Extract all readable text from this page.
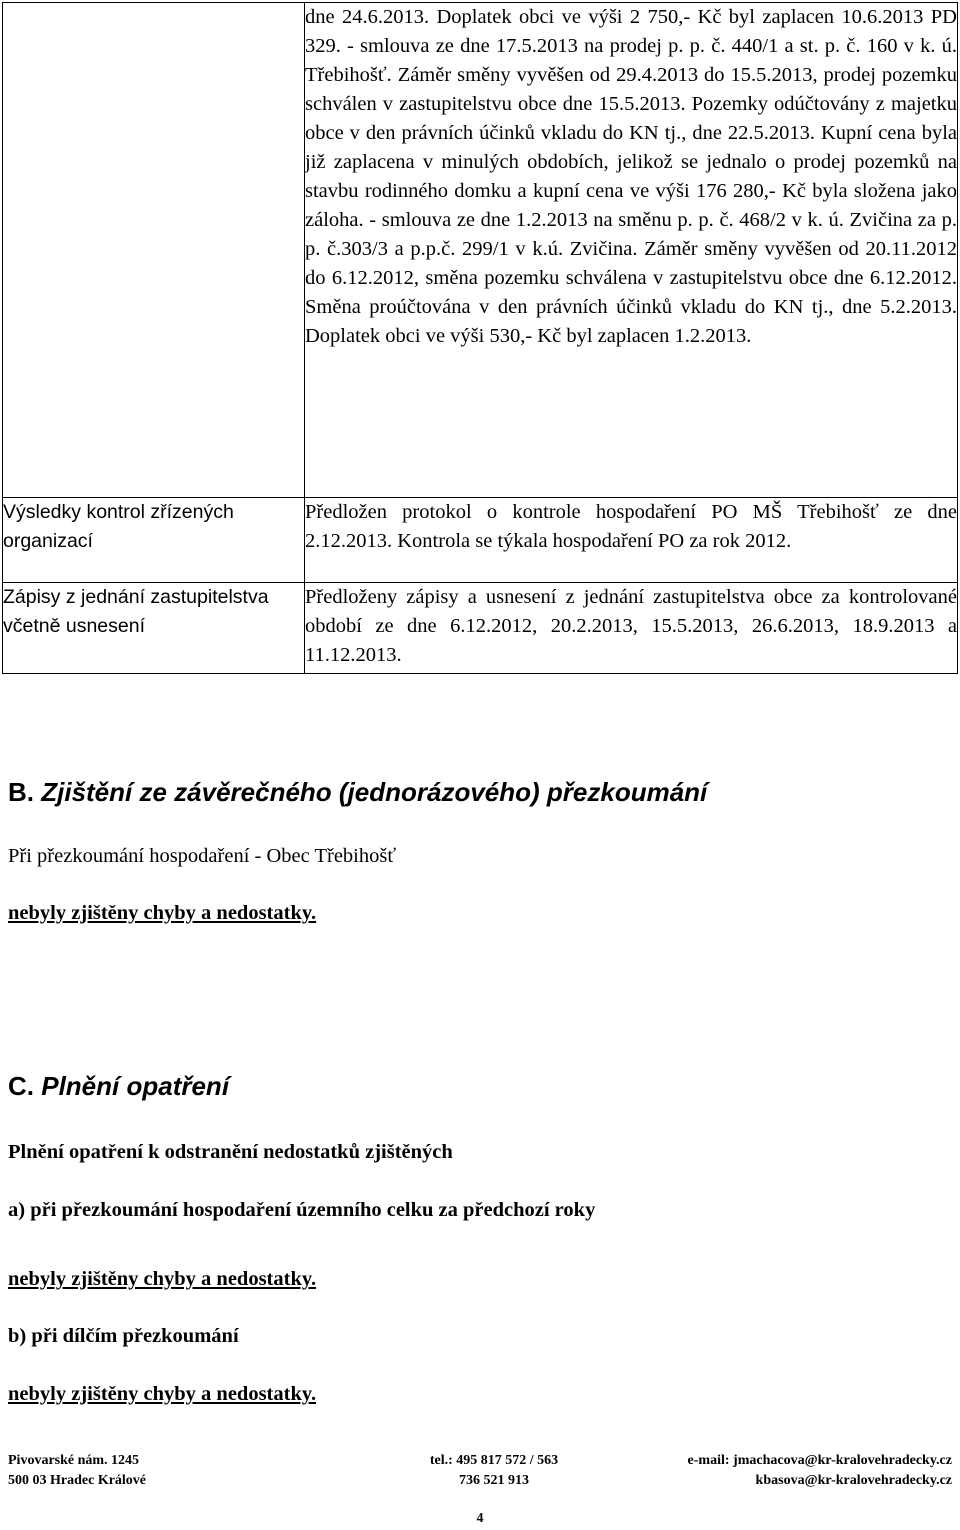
	dne 24.6.2013. Doplatek obci ve výši 2 750,- Kč byl zaplacen 10.6.2013 PD 329. - smlouva ze dne 17.5.2013 na prodej p. p. č. 440/1 a st. p. č. 160 v k. ú. Třebihošť. Záměr směny vyvěšen od 29.4.2013 do 15.5.2013, prodej pozemku schválen v zastupitelstvu obce dne 15.5.2013. Pozemky odúčtovány z majetku obce v den právních účinků vkladu do KN tj., dne 22.5.2013. Kupní cena byla již zaplacena v minulých obdobích, jelikož se jednalo o prodej pozemků na stavbu rodinného domku a kupní cena ve výši 176 280,- Kč byla složena jako záloha. - smlouva ze dne 1.2.2013 na směnu p. p. č. 468/2 v k. ú. Zvičina za p. p. č.303/3 a p.p.č. 299/1 v k.ú. Zvičina. Záměr směny vyvěšen od 20.11.2012 do 6.12.2012, směna pozemku schválena v zastupitelstvu obce dne 6.12.2012. Směna proúčtována v den právních účinků vkladu do KN tj., dne 5.2.2013. Doplatek obci ve výši 530,- Kč byl zaplacen 1.2.2013.

Výsledky kontrol zřízených organizací	Předložen protokol o kontrole hospodaření PO MŠ Třebihošť ze dne 2.12.2013. Kontrola se týkala hospodaření PO za rok 2012.

Zápisy z jednání zastupitelstva včetně usnesení	Předloženy zápisy a usnesení z jednání zastupitelstva obce za kontrolované období ze dne 6.12.2012, 20.2.2013, 15.5.2013, 26.6.2013, 18.9.2013 a 11.12.2013.

B. Zjištění ze závěrečného (jednorázového) přezkoumání

Při přezkoumání hospodaření - Obec Třebihošť

nebyly zjištěny chyby a nedostatky.

C. Plnění opatření

Plnění opatření k odstranění nedostatků zjištěných

a) při přezkoumání hospodaření územního celku za předchozí roky

nebyly zjištěny chyby a nedostatky.

b) při dílčím přezkoumání

nebyly zjištěny chyby a nedostatky.

Pivovarské nám. 1245
500 03 Hradec Králové
tel.: 495 817 572 / 563
736 521 913
e-mail: jmachacova@kr-kralovehradecky.cz
kbasova@kr-kralovehradecky.cz
4
